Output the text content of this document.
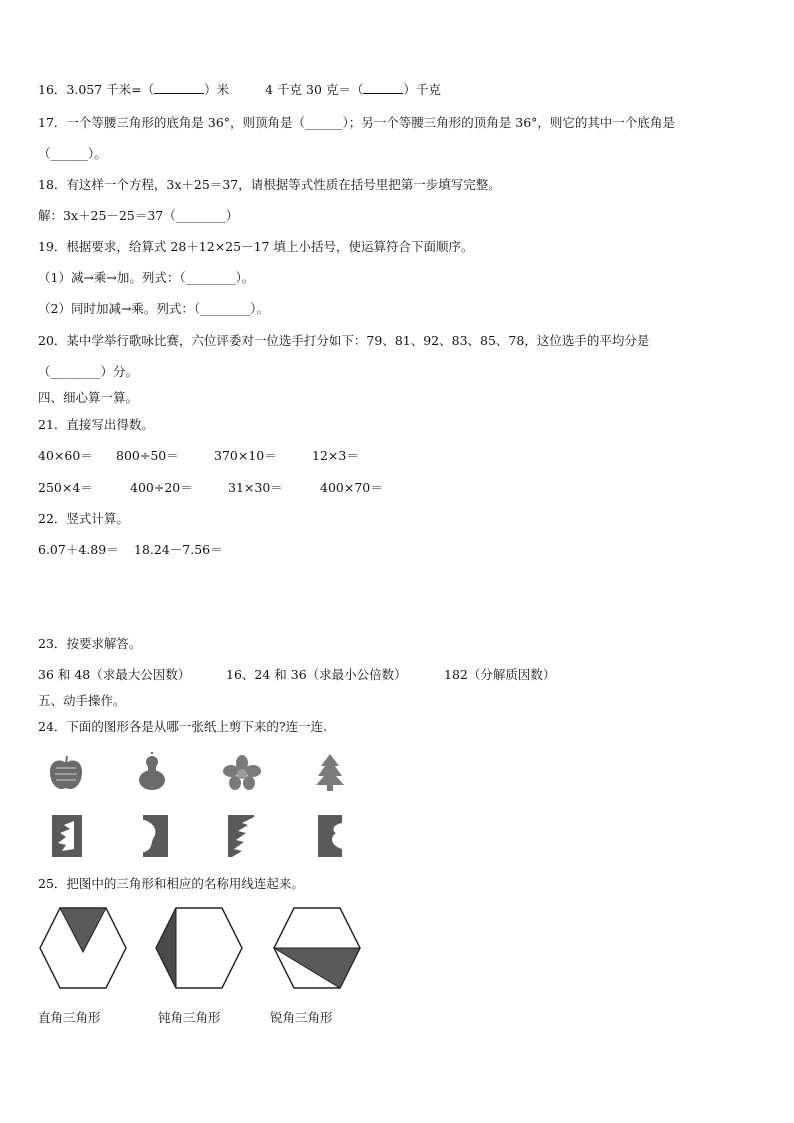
16．3.057 千米=（	）米	4 千克 30 克＝（	）千克
17．一个等腰三角形的底角是 36°，则顶角是（______）；另一个等腰三角形的顶角是 36°，则它的其中一个底角是
（______）。
18．有这样一个方程，3x＋25＝37，请根据等式性质在括号里把第一步填写完整。
解：3x＋25－25＝37（________）
19．根据要求，给算式 28＋12×25－17 填上小括号，使运算符合下面顺序。
（1）减→乘→加。列式：（________）。
（2）同时加减→乘。列式：（________）。
20．某中学举行歌咏比赛，六位评委对一位选手打分如下：79、81、92、83、85、78，这位选手的平均分是
（________）分。
四、细心算一算。
21．直接写出得数。
40×60＝ 800÷50＝	370×10＝	12×3＝
250×4＝	400÷20＝	31×30＝	400×70＝
22．竖式计算。
6.07＋4.89＝ 18.24－7.56＝
23．按要求解答。
36 和 48（求最大公因数）	16、24 和 36（求最小公倍数）	182（分解质因数）
五、动手操作。
24．下面的图形各是从哪一张纸上剪下来的?连一连.
25．把图中的三角形和相应的名称用线连起来。
直角三角形	钝角三角形	锐角三角形
